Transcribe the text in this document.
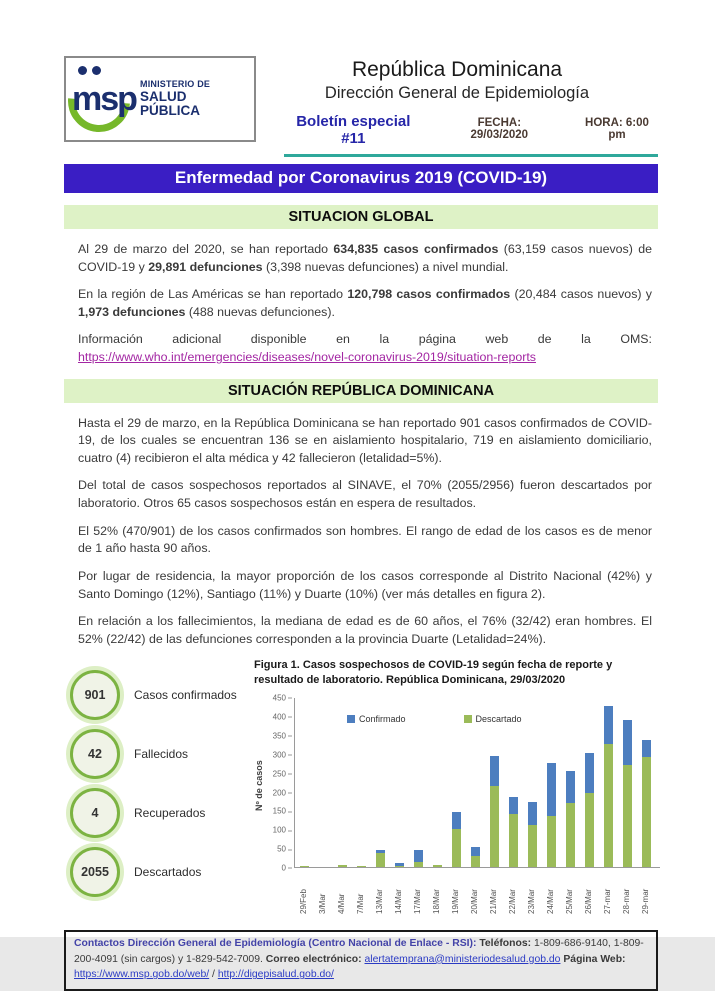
msp MINISTERIO DE
SALUD PÚBLICA
República Dominicana
Dirección General de Epidemiología
Boletín especial #11
FECHA: 29/03/2020
HORA: 6:00 pm
Enfermedad por Coronavirus 2019 (COVID-19)
SITUACION GLOBAL

Al 29 de marzo del 2020, se han reportado 634,835 casos confirmados (63,159 casos nuevos) de COVID-19 y 29,891 defunciones (3,398 nuevas defunciones) a nivel mundial.

En la región de Las Américas se han reportado 120,798 casos confirmados (20,484 casos nuevos) y 1,973 defunciones (488 nuevas defunciones).

Información adicional disponible en la página web de la OMS: https://www.who.int/emergencies/diseases/novel-coronavirus-2019/situation-reports

SITUACIÓN REPÚBLICA DOMINICANA

Hasta el 29 de marzo, en la República Dominicana se han reportado 901 casos confirmados de COVID-19, de los cuales se encuentran 136 se en aislamiento hospitalario, 719 en aislamiento domiciliario, cuatro (4) recibieron el alta médica y 42 fallecieron (letalidad=5%).

Del total de casos sospechosos reportados al SINAVE, el 70% (2055/2956) fueron descartados por laboratorio. Otros 65 casos sospechosos están en espera de resultados.

El 52% (470/901) de los casos confirmados son hombres. El rango de edad de los casos es de menor de 1 año hasta 90 años.

Por lugar de residencia, la mayor proporción de los casos corresponde al Distrito Nacional (42%) y Santo Domingo (12%), Santiago (11%) y Duarte (10%) (ver más detalles en figura 2).

En relación a los fallecimientos, la mediana de edad es de 60 años, el 76% (32/42) eran hombres. El 52% (22/42) de las defunciones corresponden a la provincia Duarte (Letalidad=24%).

901	Casos confirmados
42	Fallecidos
4	Recuperados
2055	Descartados
Figura 1. Casos sospechosos de COVID-19 según fecha de reporte y resultado de laboratorio. República Dominicana, 29/03/2020
Nº de casos
0
50
100
150
200
250
300
350
400
450
Confirmado	Descartado
29/Feb	3/Mar	4/Mar	7/Mar	13/Mar	14/Mar	17/Mar	18/Mar	19/Mar	20/Mar	21/Mar	22/Mar	23/Mar	24/Mar	25/Mar	26/Mar	27-mar	28-mar	29-mar
Contactos Dirección General de Epidemiología (Centro Nacional de Enlace - RSI): Teléfonos: 1-809-686-9140, 1-809-200-4091 (sin cargos) y 1-829-542-7009. Correo electrónico: alertatemprana@ministeriodesalud.gob.do Página Web: https://www.msp.gob.do/web/ / http://digepisalud.gob.do/
